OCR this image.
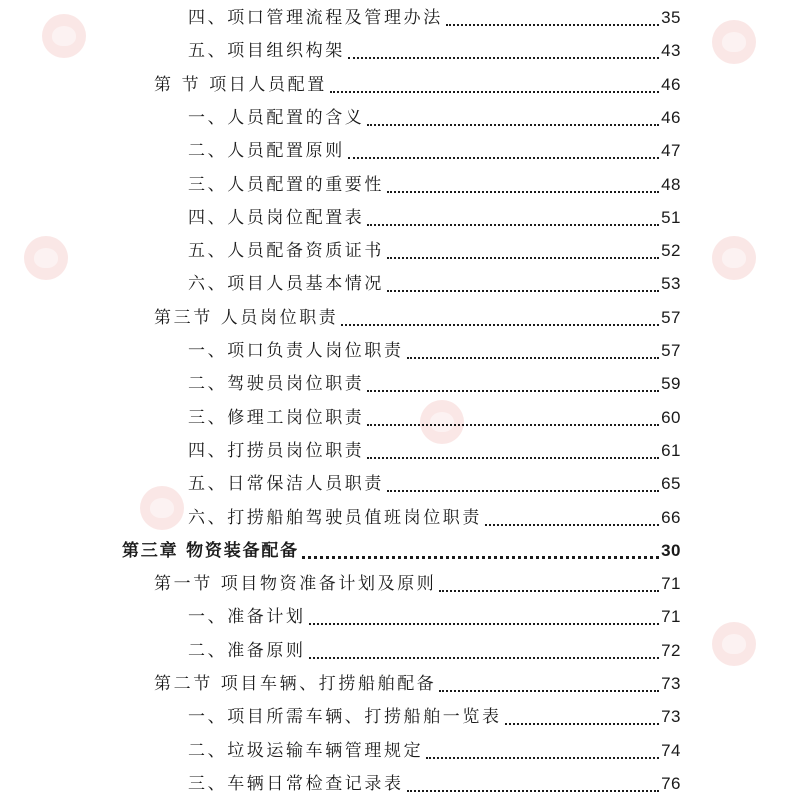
四、项口管理流程及管理办法	35
五、项目组织构架	43
第 节 项日人员配置	46
一、人员配置的含义	46
二、人员配置原则	47
三、人员配置的重要性	48
四、人员岗位配置表	51
五、人员配备资质证书	52
六、项目人员基本情况	53
第三节 人员岗位职责	57
一、项口负责人岗位职责	57
二、驾驶员岗位职责	59
三、修理工岗位职责	60
四、打捞员岗位职责	61
五、日常保洁人员职责	65
六、打捞船舶驾驶员值班岗位职责	66
第三章 物资装备配备	30
第一节 项目物资准备计划及原则	71
一、准备计划	71
二、准备原则	72
第二节 项目车辆、打捞船舶配备	73
一、项目所需车辆、打捞船舶一览表	73
二、垃圾运输车辆管理规定	74
三、车辆日常检查记录表	76
